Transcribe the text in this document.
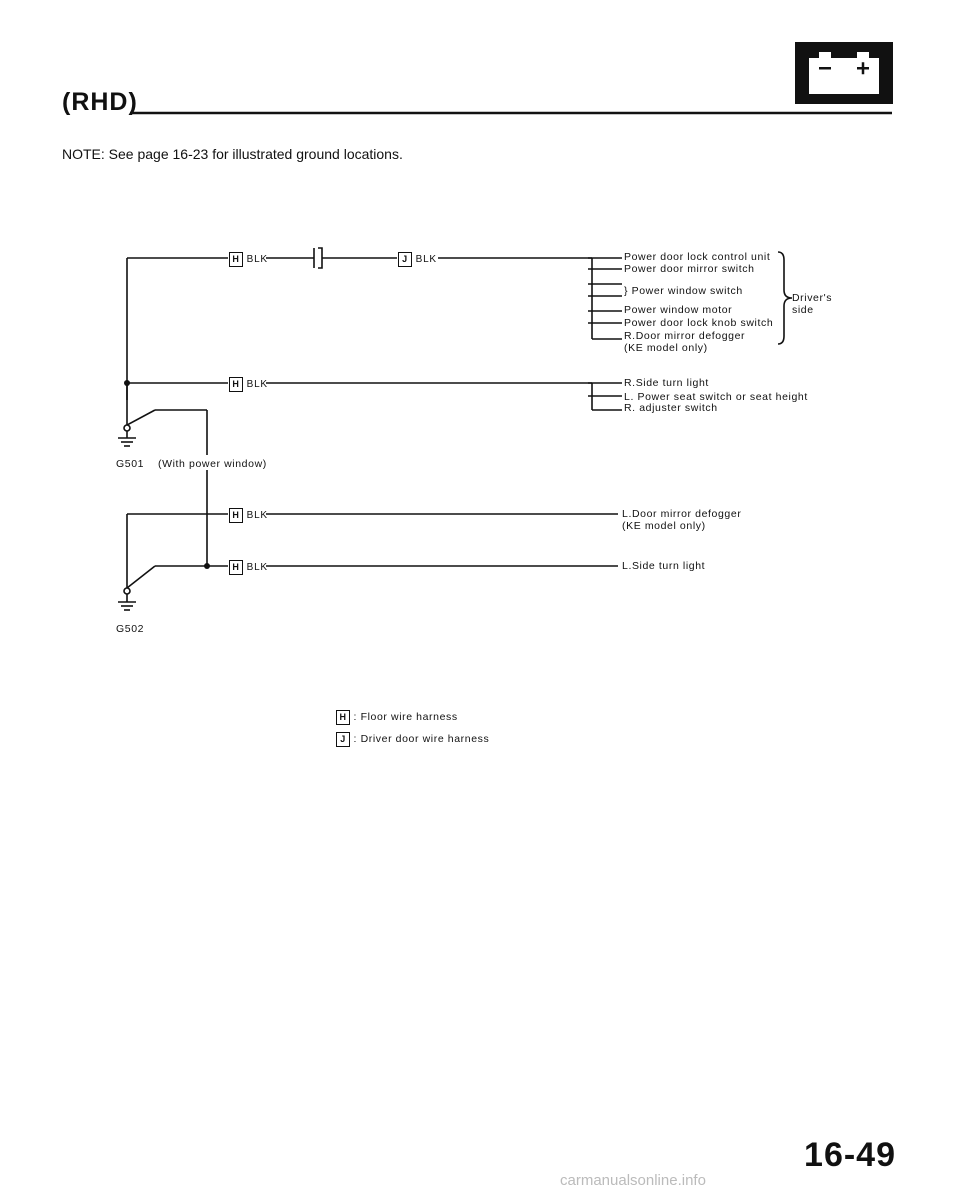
(RHD)
NOTE: See page 16-23 for illustrated ground locations.
H BLK	J BLK
H BLK
H BLK
H BLK
Power door lock control unit
Power door mirror switch
} Power window switch
Power window motor
Power door lock knob switch
R.Door mirror defogger
(KE model only)
Driver's side
R.Side turn light
L. Power seat switch or seat height
R. adjuster switch
L.Door mirror defogger
(KE model only)
L.Side turn light
G501 (With power window)
G502
H : Floor wire harness
J : Driver door wire harness
16-49
carmanualsonline.info
